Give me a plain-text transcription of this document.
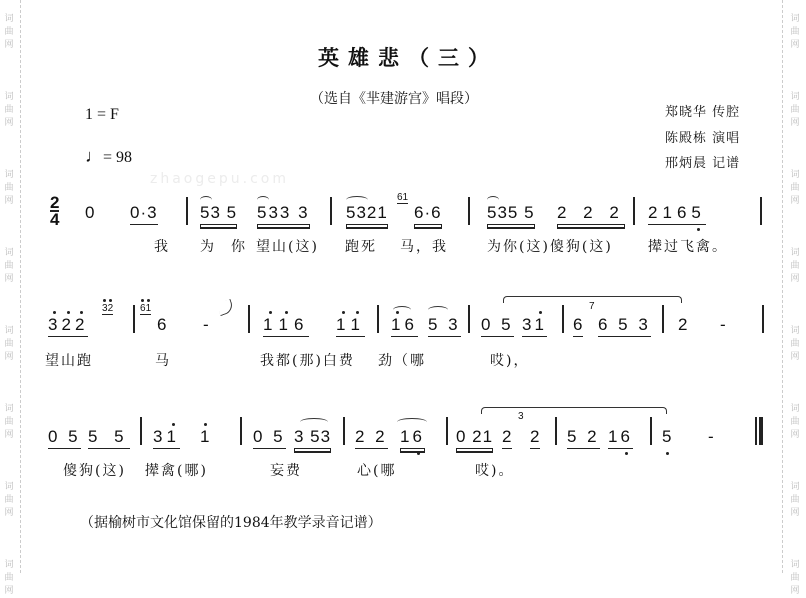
词曲网

词曲网

词曲网

词曲网

词曲网

词曲网

词曲网

词曲网
词曲网

词曲网

词曲网

词曲网

词曲网

词曲网

词曲网

词曲网
zhaogepu.com
英雄悲（三）
（选自《芈建游宫》唱段）
1 = F
♩= 98
郑晓华 传腔
陈殿栋 演唱
邢炳晨 记谱
2
4 0 0·3 53 5 533 3 5321
61
6·6	535 5 2 2 2 2165
我 为 你 望山(这) 跑死 马，我	为你(这)傻狗(这)	撵过飞禽。
322
32	61
6 -	116 11 16 5 3 0 5 31 6
7
6 5 3 2 -
望山跑	马	我都(那)白费 劲（哪	哎)，
0 5 5 5 31 1	0 5 3 53 2 2 16 0 21 2
3
2 5 2 16 5 -
傻狗(这) 撵禽(哪)	妄费	心(哪	哎)。
（据榆树市文化馆保留的1984年教学录音记谱）
